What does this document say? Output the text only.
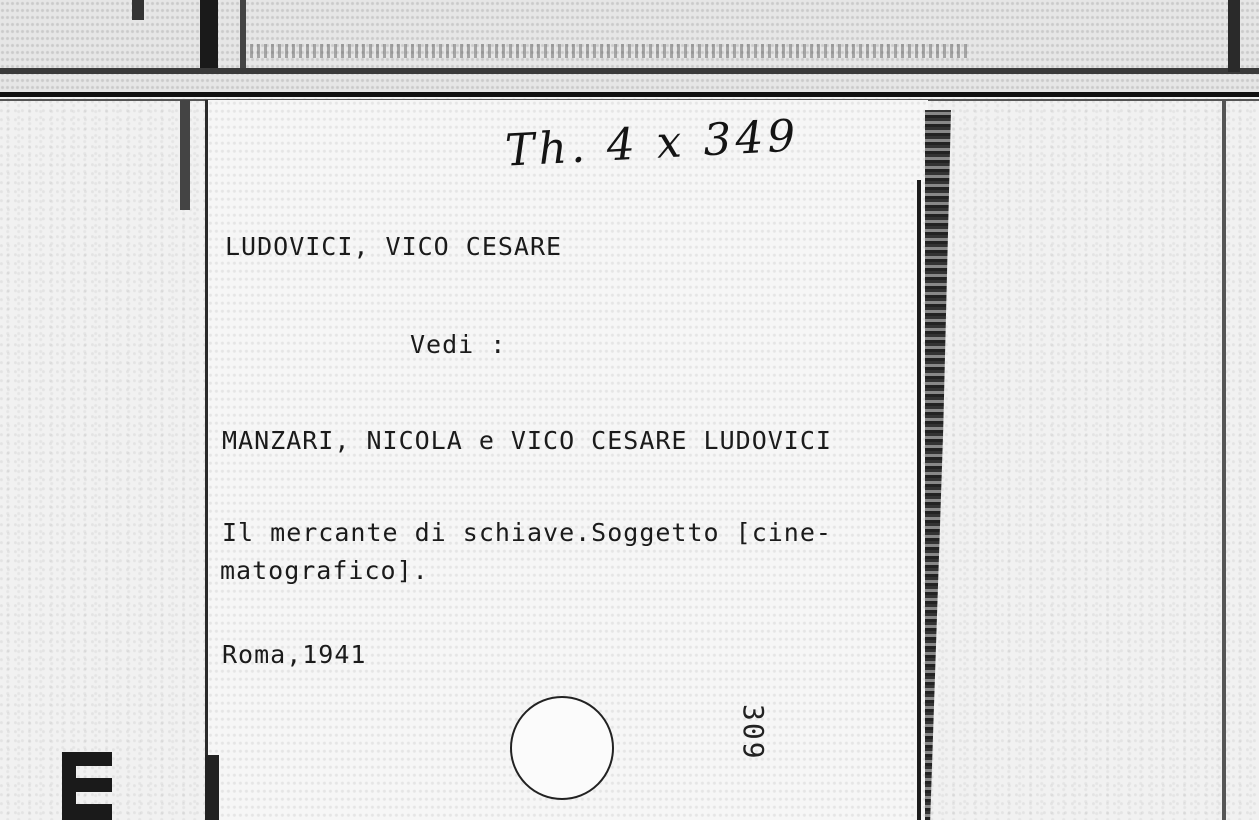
Th. 4 x 349
LUDOVICI, VICO CESARE
Vedi :
MANZARI, NICOLA e VICO CESARE LUDOVICI
Il mercante di schiave.Soggetto [cine-
matografico].
Roma,1941
309
